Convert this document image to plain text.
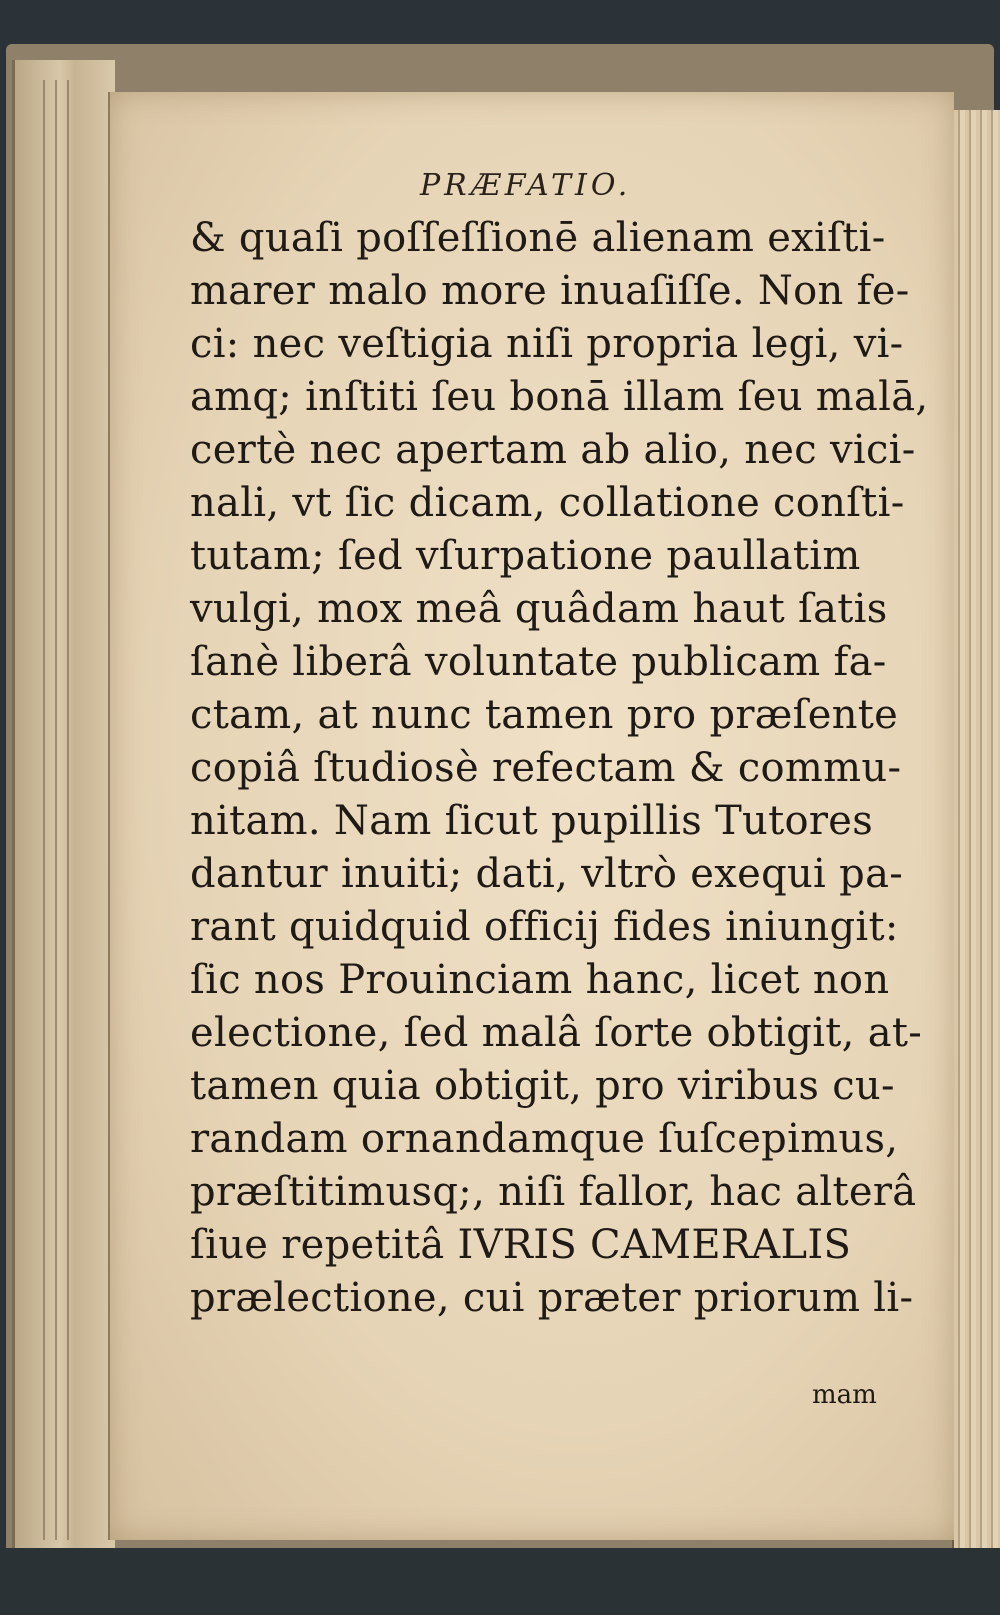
PRÆFATIO.
& quaſi poſſeſſionē alienam exiſti-
marer malo more inuaſiſſe. Non fe-
ci: nec veſtigia niſi propria legi, vi-
amq; inſtiti ſeu bonā illam ſeu malā,
certè nec apertam ab alio, nec vici-
nali, vt ſic dicam, collatione conſti-
tutam; ſed vſurpatione paullatim
vulgi, mox meâ quâdam haut ſatis
ſanè liberâ voluntate publicam fa-
ctam, at nunc tamen pro præſente
copiâ ſtudiosè refectam & commu-
nitam. Nam ſicut pupillis Tutores
dantur inuiti; dati, vltrò exequi pa-
rant quidquid officij fides iniungit:
ſic nos Prouinciam hanc, licet non
electione, ſed malâ ſorte obtigit, at-
tamen quia obtigit, pro viribus cu-
randam ornandamque ſuſcepimus,
præſtitimusq;, niſi fallor, hac alterâ
ſiue repetitâ IVRIS CAMERALIS
prælectione, cui præter priorum li-
mam
